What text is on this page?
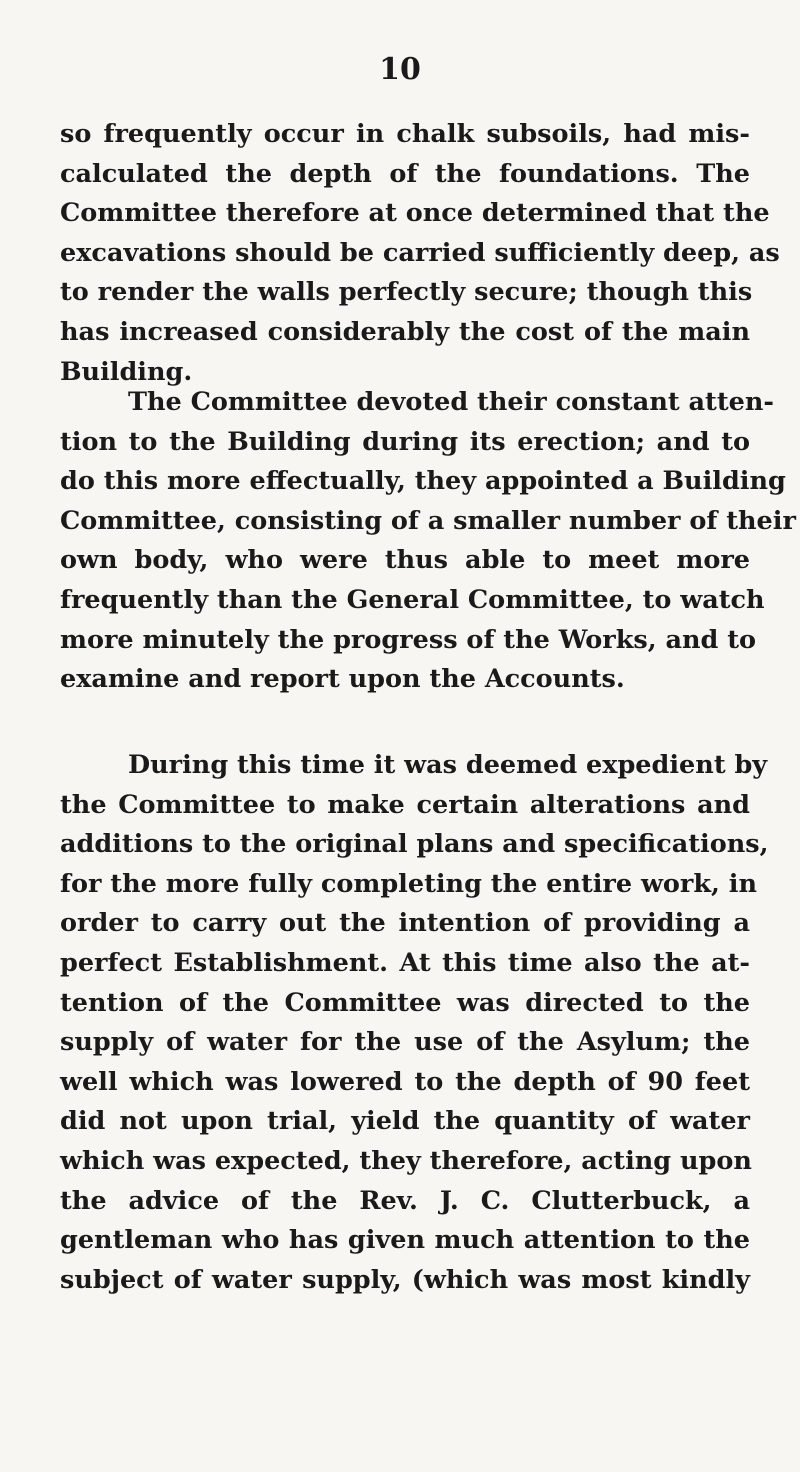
10
so frequently occur in chalk subsoils, had mis-
calculated the depth of the foundations. The
Committee therefore at once determined that the
excavations should be carried sufficiently deep, as
to render the walls perfectly secure; though this
has increased considerably the cost of the main
Building.
The Committee devoted their constant atten-
tion to the Building during its erection; and to
do this more effectually, they appointed a Building
Committee, consisting of a smaller number of their
own body, who were thus able to meet more
frequently than the General Committee, to watch
more minutely the progress of the Works, and to
examine and report upon the Accounts.
During this time it was deemed expedient by
the Committee to make certain alterations and
additions to the original plans and specifications,
for the more fully completing the entire work, in
order to carry out the intention of providing a
perfect Establishment. At this time also the at-
tention of the Committee was directed to the
supply of water for the use of the Asylum; the
well which was lowered to the depth of 90 feet
did not upon trial, yield the quantity of water
which was expected, they therefore, acting upon
the advice of the Rev. J. C. Clutterbuck, a
gentleman who has given much attention to the
subject of water supply, (which was most kindly
